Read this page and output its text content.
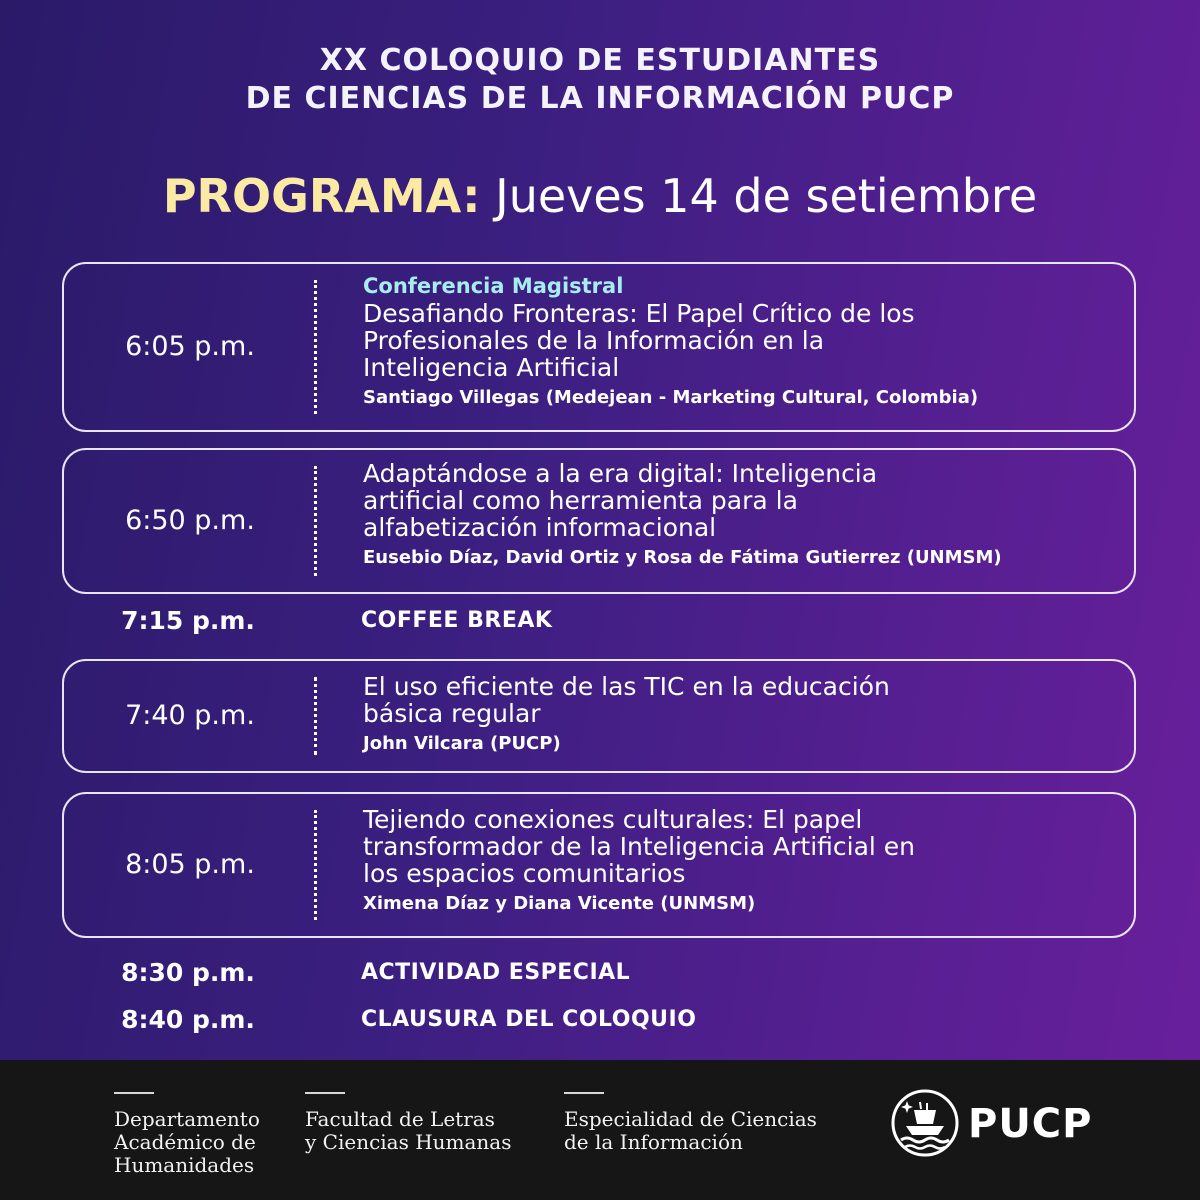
XX COLOQUIO DE ESTUDIANTES
DE CIENCIAS DE LA INFORMACIÓN PUCP
PROGRAMA: Jueves 14 de setiembre
6:05 p.m.
Conferencia Magistral
Desafiando Fronteras: El Papel Crítico de los
Profesionales de la Información en la
Inteligencia Artificial
Santiago Villegas (Medejean - Marketing Cultural, Colombia)
6:50 p.m.
Adaptándose a la era digital: Inteligencia
artificial como herramienta para la
alfabetización informacional
Eusebio Díaz, David Ortiz y Rosa de Fátima Gutierrez (UNMSM)
7:15 p.m.	COFFEE BREAK
7:40 p.m.
El uso eficiente de las TIC en la educación
básica regular
John Vilcara (PUCP)
8:05 p.m.
Tejiendo conexiones culturales: El papel
transformador de la Inteligencia Artificial en
los espacios comunitarios
Ximena Díaz y Diana Vicente (UNMSM)
8:30 p.m.	ACTIVIDAD ESPECIAL
8:40 p.m.	CLAUSURA DEL COLOQUIO
Departamento
Académico de
Humanidades
Facultad de Letras
y Ciencias Humanas
Especialidad de Ciencias
de la Información	PUCP
